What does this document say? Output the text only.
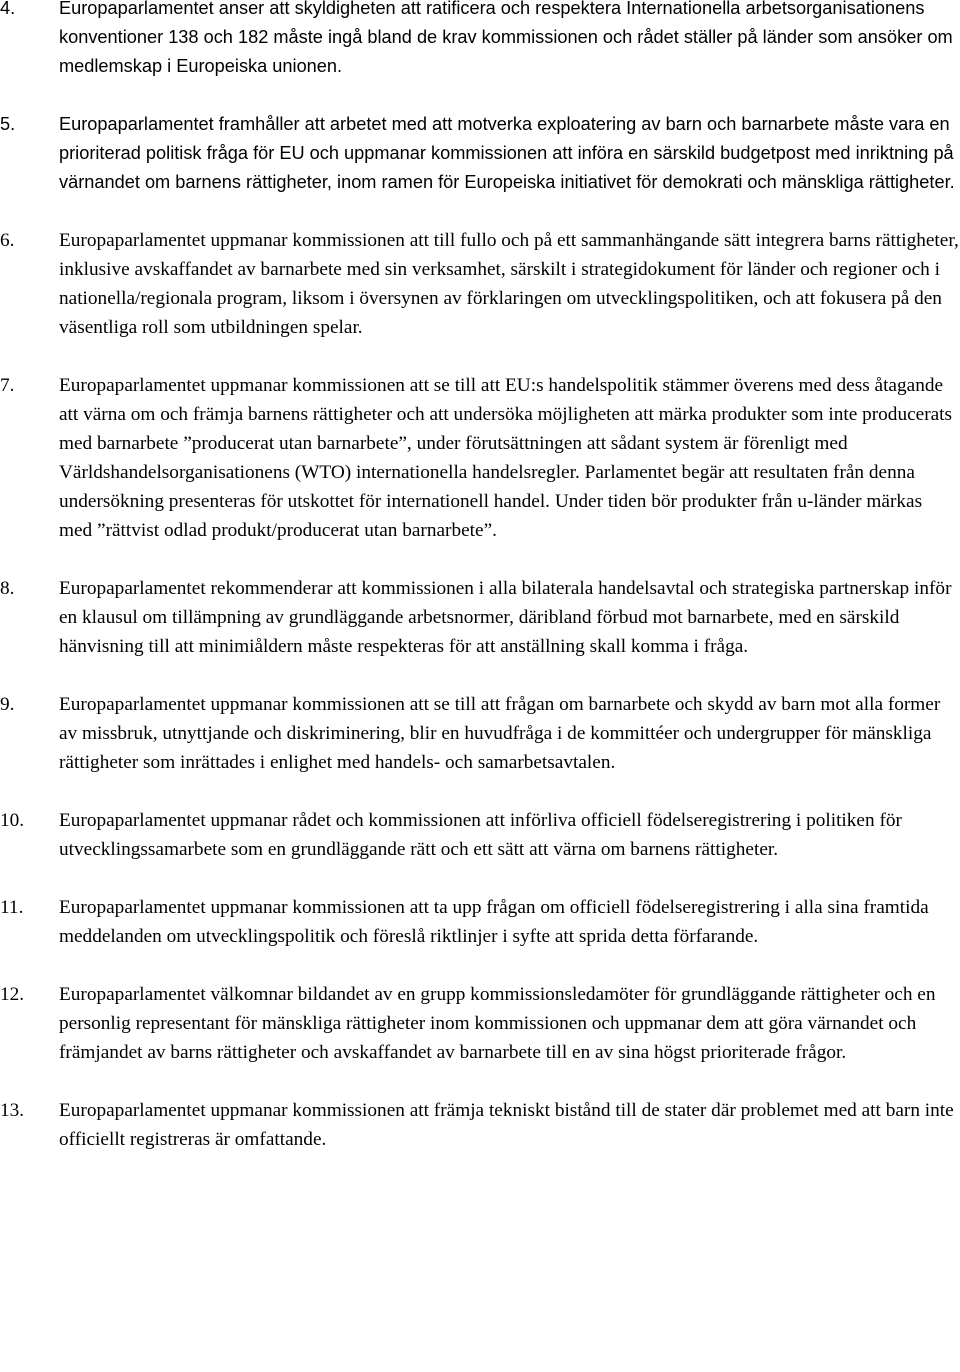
4.	Europaparlamentet anser att skyldigheten att ratificera och respektera Internationella arbetsorganisationens konventioner 138 och 182 måste ingå bland de krav kommissionen och rådet ställer på länder som ansöker om medlemskap i Europeiska unionen.
5.	Europaparlamentet framhåller att arbetet med att motverka exploatering av barn och barnarbete måste vara en prioriterad politisk fråga för EU och uppmanar kommissionen att införa en särskild budgetpost med inriktning på värnandet om barnens rättigheter, inom ramen för Europeiska initiativet för demokrati och mänskliga rättigheter.
6.	Europaparlamentet uppmanar kommissionen att till fullo och på ett sammanhängande sätt integrera barns rättigheter, inklusive avskaffandet av barnarbete med sin verksamhet, särskilt i strategidokument för länder och regioner och i nationella/regionala program, liksom i översynen av förklaringen om utvecklingspolitiken, och att fokusera på den väsentliga roll som utbildningen spelar.
7.	Europaparlamentet uppmanar kommissionen att se till att EU:s handelspolitik stämmer överens med dess åtagande att värna om och främja barnens rättigheter och att undersöka möjligheten att märka produkter som inte producerats med barnarbete ”producerat utan barnarbete”, under förutsättningen att sådant system är förenligt med Världshandelsorganisationens (WTO) internationella handelsregler. Parlamentet begär att resultaten från denna undersökning presenteras för utskottet för internationell handel. Under tiden bör produkter från u-länder märkas med ”rättvist odlad produkt/producerat utan barnarbete”.
8.	Europaparlamentet rekommenderar att kommissionen i alla bilaterala handelsavtal och strategiska partnerskap inför en klausul om tillämpning av grundläggande arbetsnormer, däribland förbud mot barnarbete, med en särskild hänvisning till att minimiåldern måste respekteras för att anställning skall komma i fråga.
9.	Europaparlamentet uppmanar kommissionen att se till att frågan om barnarbete och skydd av barn mot alla former av missbruk, utnyttjande och diskriminering, blir en huvudfråga i de kommittéer och undergrupper för mänskliga rättigheter som inrättades i enlighet med handels- och samarbetsavtalen.
10.	Europaparlamentet uppmanar rådet och kommissionen att införliva officiell födelseregistrering i politiken för utvecklingssamarbete som en grundläggande rätt och ett sätt att värna om barnens rättigheter.
11.	Europaparlamentet uppmanar kommissionen att ta upp frågan om officiell födelseregistrering i alla sina framtida meddelanden om utvecklingspolitik och föreslå riktlinjer i syfte att sprida detta förfarande.
12.	Europaparlamentet välkomnar bildandet av en grupp kommissionsledamöter för grundläggande rättigheter och en personlig representant för mänskliga rättigheter inom kommissionen och uppmanar dem att göra värnandet och främjandet av barns rättigheter och avskaffandet av barnarbete till en av sina högst prioriterade frågor.
13.	Europaparlamentet uppmanar kommissionen att främja tekniskt bistånd till de stater där problemet med att barn inte officiellt registreras är omfattande.
